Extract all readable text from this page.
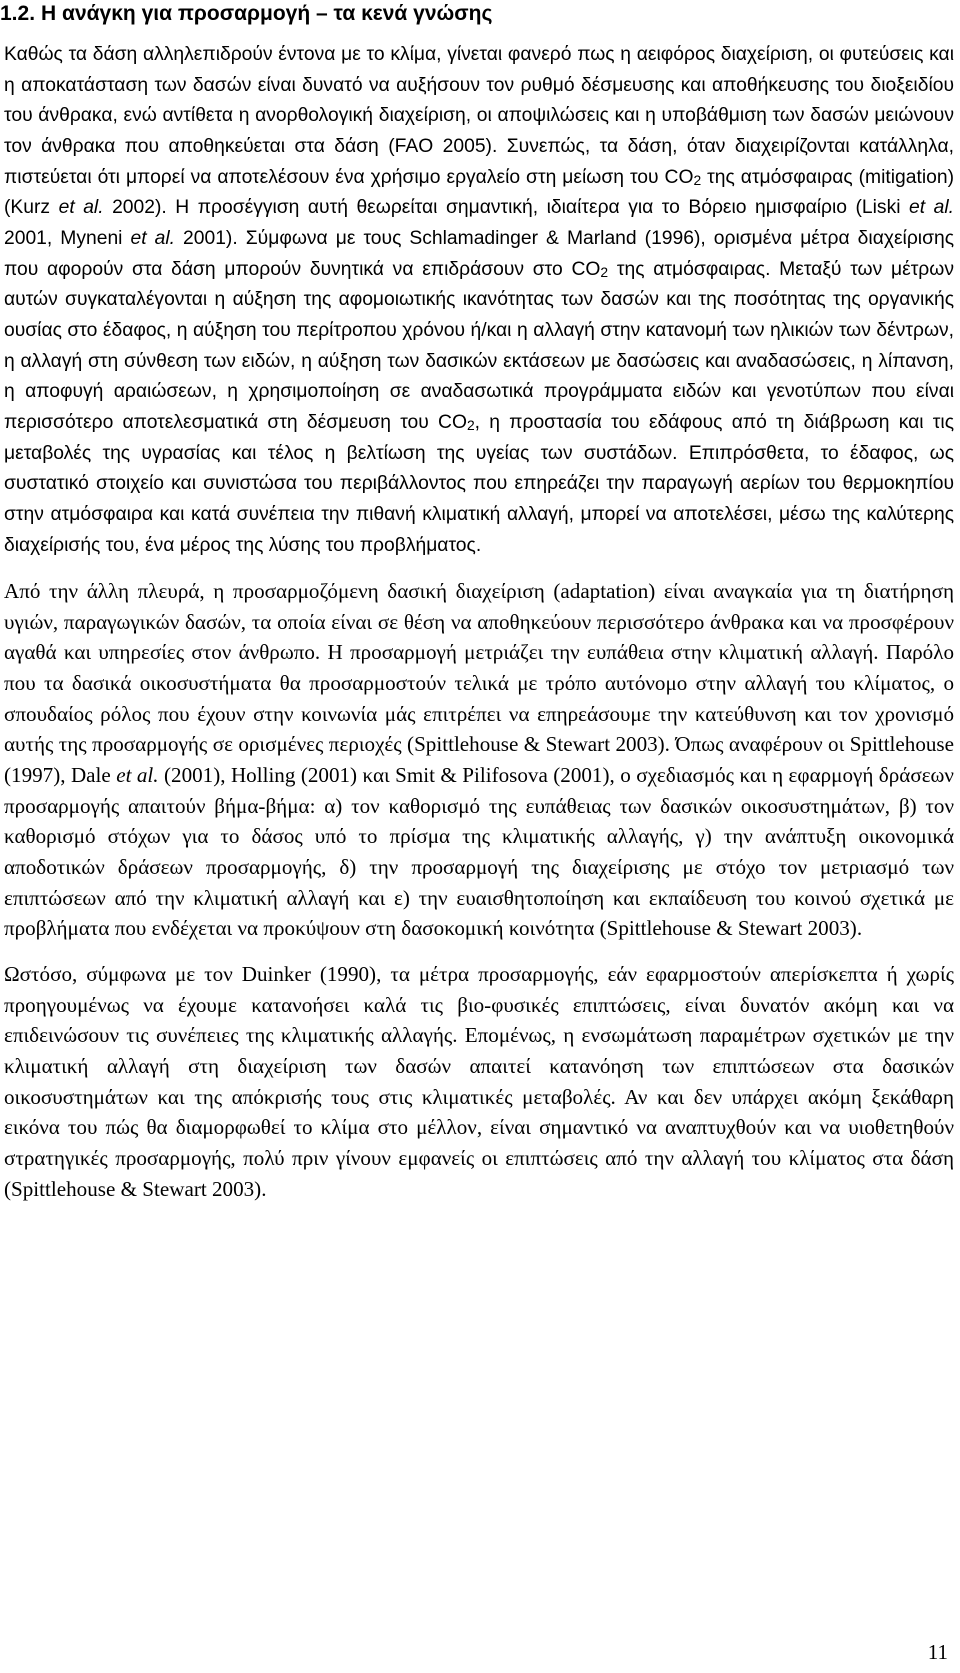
1.2. Η ανάγκη για προσαρμογή – τα κενά γνώσης

Καθώς τα δάση αλληλεπιδρούν έντονα με το κλίμα, γίνεται φανερό πως η αειφόρος διαχείριση, οι φυτεύσεις και η αποκατάσταση των δασών είναι δυνατό να αυξήσουν τον ρυθμό δέσμευσης και αποθήκευσης του διοξειδίου του άνθρακα, ενώ αντίθετα η ανορθολογική διαχείριση, οι αποψιλώσεις και η υποβάθμιση των δασών μειώνουν τον άνθρακα που αποθηκεύεται στα δάση (FAO 2005). Συνεπώς, τα δάση, όταν διαχειρίζονται κατάλληλα, πιστεύεται ότι μπορεί να αποτελέσουν ένα χρήσιμο εργαλείο στη μείωση του $CO_2$ της ατμόσφαιρας (mitigation) (Kurz et al. 2002). Η προσέγγιση αυτή θεωρείται σημαντική, ιδιαίτερα για το Βόρειο ημισφαίριο (Liski et al. 2001, Myneni et al. 2001). Σύμφωνα με τους Schlamadinger & Marland (1996), ορισμένα μέτρα διαχείρισης που αφορούν στα δάση μπορούν δυνητικά να επιδράσουν στο $CO_2$ της ατμόσφαιρας. Μεταξύ των μέτρων αυτών συγκαταλέγονται η αύξηση της αφομοιωτικής ικανότητας των δασών και της ποσότητας της οργανικής ουσίας στο έδαφος, η αύξηση του περίτροπου χρόνου ή/και η αλλαγή στην κατανομή των ηλικιών των δέντρων, η αλλαγή στη σύνθεση των ειδών, η αύξηση των δασικών εκτάσεων με δασώσεις και αναδασώσεις, η λίπανση, η αποφυγή αραιώσεων, η χρησιμοποίηση σε αναδασωτικά προγράμματα ειδών και γενοτύπων που είναι περισσότερο αποτελεσματικά στη δέσμευση του $CO_2$, η προστασία του εδάφους από τη διάβρωση και τις μεταβολές της υγρασίας και τέλος η βελτίωση της υγείας των συστάδων. Επιπρόσθετα, το έδαφος, ως συστατικό στοιχείο και συνιστώσα του περιβάλλοντος που επηρεάζει την παραγωγή αερίων του θερμοκηπίου στην ατμόσφαιρα και κατά συνέπεια την πιθανή κλιματική αλλαγή, μπορεί να αποτελέσει, μέσω της καλύτερης διαχείρισής του, ένα μέρος της λύσης του προβλήματος.

Από την άλλη πλευρά, η προσαρμοζόμενη δασική διαχείριση (adaptation) είναι αναγκαία για τη διατήρηση υγιών, παραγωγικών δασών, τα οποία είναι σε θέση να αποθηκεύουν περισσότερο άνθρακα και να προσφέρουν αγαθά και υπηρεσίες στον άνθρωπο. Η προσαρμογή μετριάζει την ευπάθεια στην κλιματική αλλαγή. Παρόλο που τα δασικά οικοσυστήματα θα προσαρμοστούν τελικά με τρόπο αυτόνομο στην αλλαγή του κλίματος, ο σπουδαίος ρόλος που έχουν στην κοινωνία μάς επιτρέπει να επηρεάσουμε την κατεύθυνση και τον χρονισμό αυτής της προσαρμογής σε ορισμένες περιοχές (Spittlehouse & Stewart 2003). Όπως αναφέρουν οι Spittlehouse (1997), Dale et al. (2001), Holling (2001) και Smit & Pilifosova (2001), ο σχεδιασμός και η εφαρμογή δράσεων προσαρμογής απαιτούν βήμα-βήμα: α) τον καθορισμό της ευπάθειας των δασικών οικοσυστημάτων, β) τον καθορισμό στόχων για το δάσος υπό το πρίσμα της κλιματικής αλλαγής, γ) την ανάπτυξη οικονομικά αποδοτικών δράσεων προσαρμογής, δ) την προσαρμογή της διαχείρισης με στόχο τον μετριασμό των επιπτώσεων από την κλιματική αλλαγή και ε) την ευαισθητοποίηση και εκπαίδευση του κοινού σχετικά με προβλήματα που ενδέχεται να προκύψουν στη δασοκομική κοινότητα (Spittlehouse & Stewart 2003).

Ωστόσο, σύμφωνα με τον Duinker (1990), τα μέτρα προσαρμογής, εάν εφαρμοστούν απερίσκεπτα ή χωρίς προηγουμένως να έχουμε κατανοήσει καλά τις βιο-φυσικές επιπτώσεις, είναι δυνατόν ακόμη και να επιδεινώσουν τις συνέπειες της κλιματικής αλλαγής. Επομένως, η ενσωμάτωση παραμέτρων σχετικών με την κλιματική αλλαγή στη διαχείριση των δασών απαιτεί κατανόηση των επιπτώσεων στα δασικών οικοσυστημάτων και της απόκρισής τους στις κλιματικές μεταβολές. Αν και δεν υπάρχει ακόμη ξεκάθαρη εικόνα του πώς θα διαμορφωθεί το κλίμα στο μέλλον, είναι σημαντικό να αναπτυχθούν και να υιοθετηθούν στρατηγικές προσαρμογής, πολύ πριν γίνουν εμφανείς οι επιπτώσεις από την αλλαγή του κλίματος στα δάση (Spittlehouse & Stewart 2003).

11
